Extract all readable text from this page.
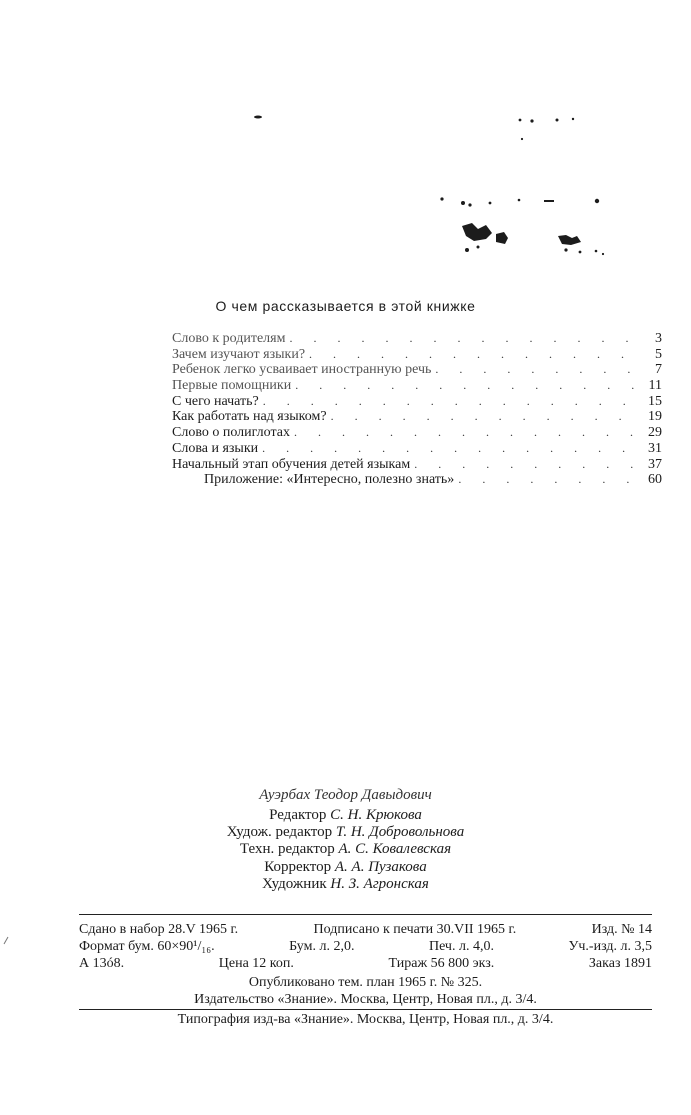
О чем рассказывается в этой книжке
Слово к родителям .	3
Зачем изучают языки? .	5
Ребенок легко усваивает иностранную речь .	7
Первые помощники .	11
С чего начать? .	15
Как работать над языком? .	19
Слово о полиглотах .	29
Слова и языки .	31
Начальный этап обучения детей языкам .	37
Приложение: «Интересно, полезно знать» .	60
Ауэрбах Теодор Давыдович
Редактор С. Н. Крюкова
Худож. редактор Т. Н. Добровольнова
Техн. редактор А. С. Ковалевская
Корректор А. А. Пузакова
Художник Н. З. Агронская
Сдано в набор 28.V 1965 г.	Подписано к печати 30.VII 1965 г.	Изд. № 14
Формат бум. 60×90¹/₁₆.	Бум. л. 2,0.	Печ. л. 4,0.	Уч.-изд. л. 3,5
А 13ó8.	Цена 12 коп.	Тираж 56 800 экз.	Заказ 1891
Опубликовано тем. план 1965 г. № 325.
Издательство «Знание». Москва, Центр, Новая пл., д. 3/4.
Типография изд-ва «Знание». Москва, Центр, Новая пл., д. 3/4.
